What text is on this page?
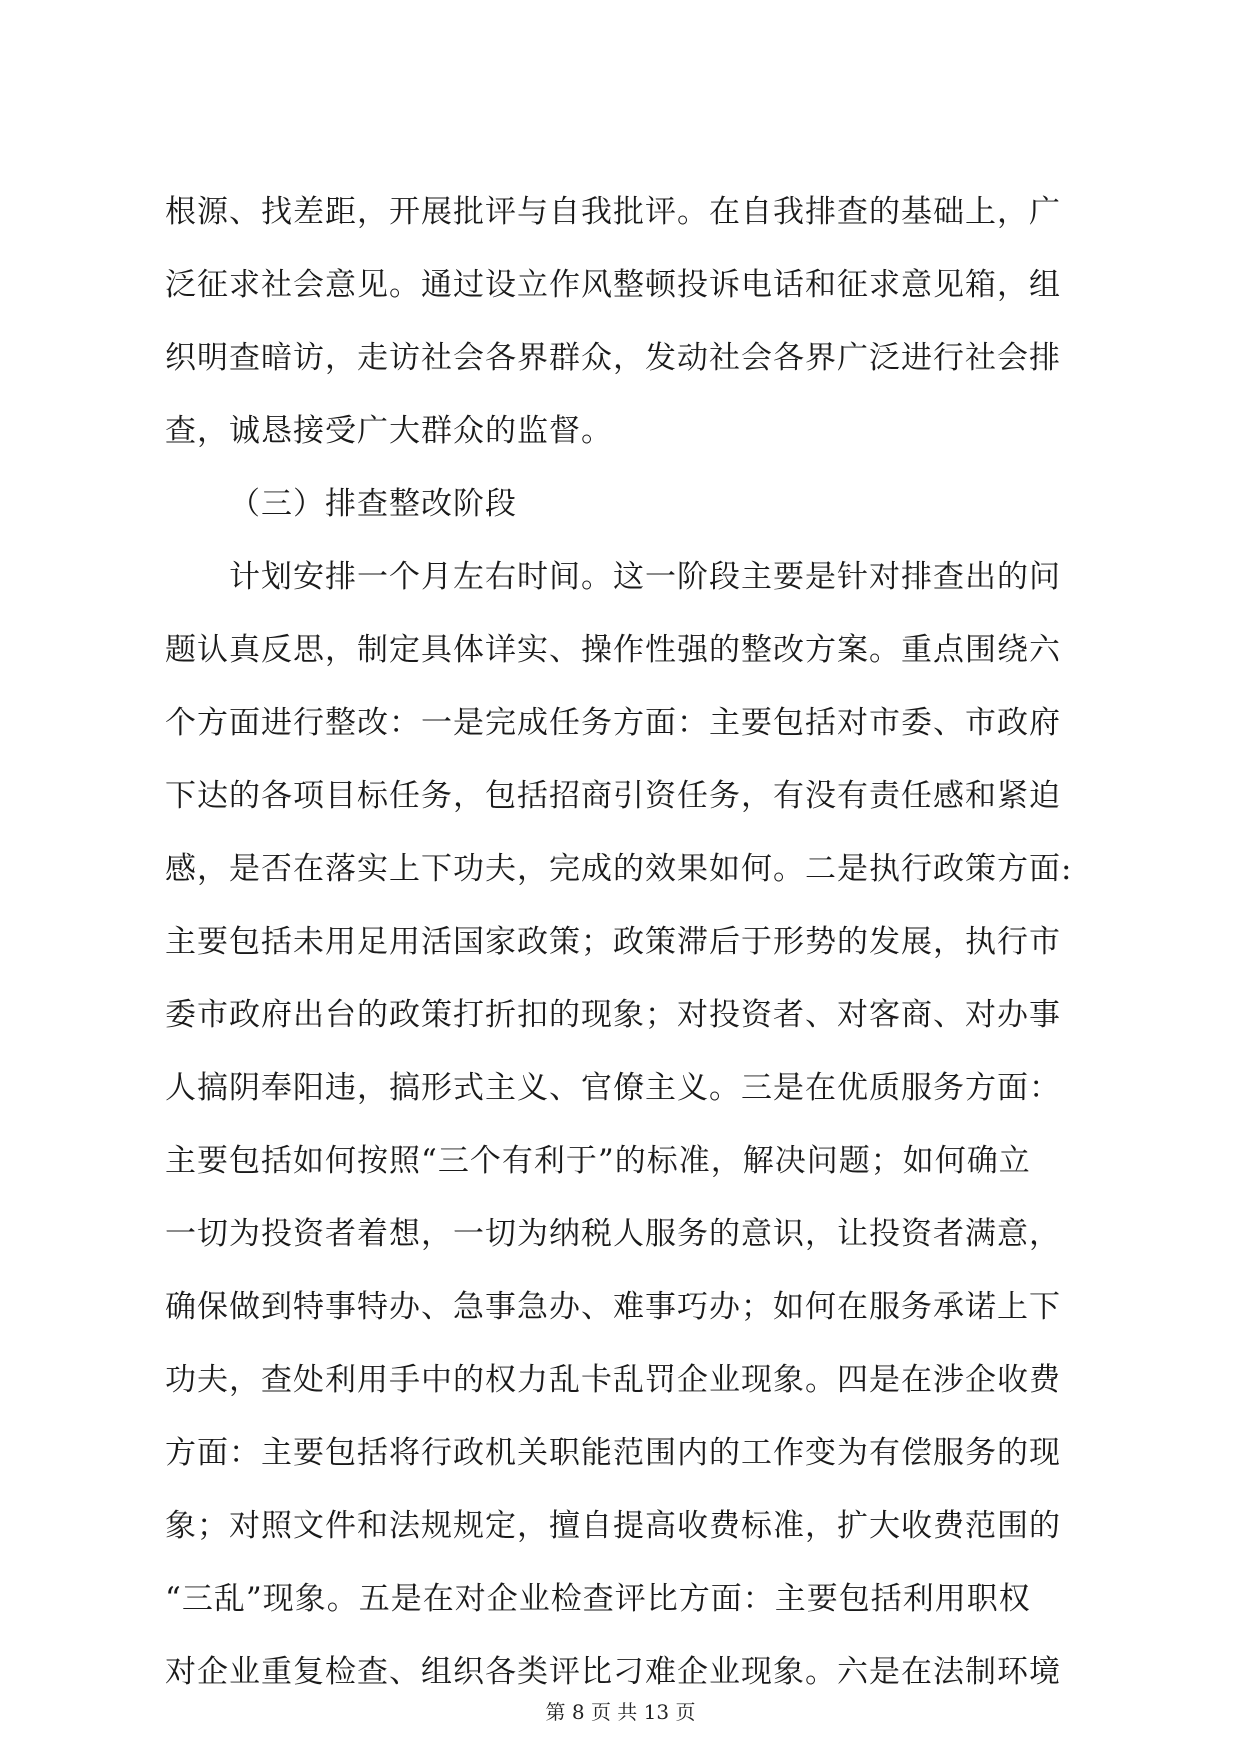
根源、找差距，开展批评与自我批评。在自我排查的基础上，广
泛征求社会意见。通过设立作风整顿投诉电话和征求意见箱，组
织明查暗访，走访社会各界群众，发动社会各界广泛进行社会排
查，诚恳接受广大群众的监督。
（三）排查整改阶段
计划安排一个月左右时间。这一阶段主要是针对排查出的问
题认真反思，制定具体详实、操作性强的整改方案。重点围绕六
个方面进行整改：一是完成任务方面：主要包括对市委、市政府
下达的各项目标任务，包括招商引资任务，有没有责任感和紧迫
感，是否在落实上下功夫，完成的效果如何。二是执行政策方面:
主要包括未用足用活国家政策；政策滞后于形势的发展，执行市
委市政府出台的政策打折扣的现象；对投资者、对客商、对办事
人搞阴奉阳违，搞形式主义、官僚主义。三是在优质服务方面：
主要包括如何按照“三个有利于”的标准，解决问题；如何确立
一切为投资者着想，一切为纳税人服务的意识，让投资者满意，
确保做到特事特办、急事急办、难事巧办；如何在服务承诺上下
功夫，查处利用手中的权力乱卡乱罚企业现象。四是在涉企收费
方面：主要包括将行政机关职能范围内的工作变为有偿服务的现
象；对照文件和法规规定，擅自提高收费标准，扩大收费范围的
“三乱”现象。五是在对企业检查评比方面：主要包括利用职权
对企业重复检查、组织各类评比刁难企业现象。六是在法制环境
第 8 页 共 13 页
